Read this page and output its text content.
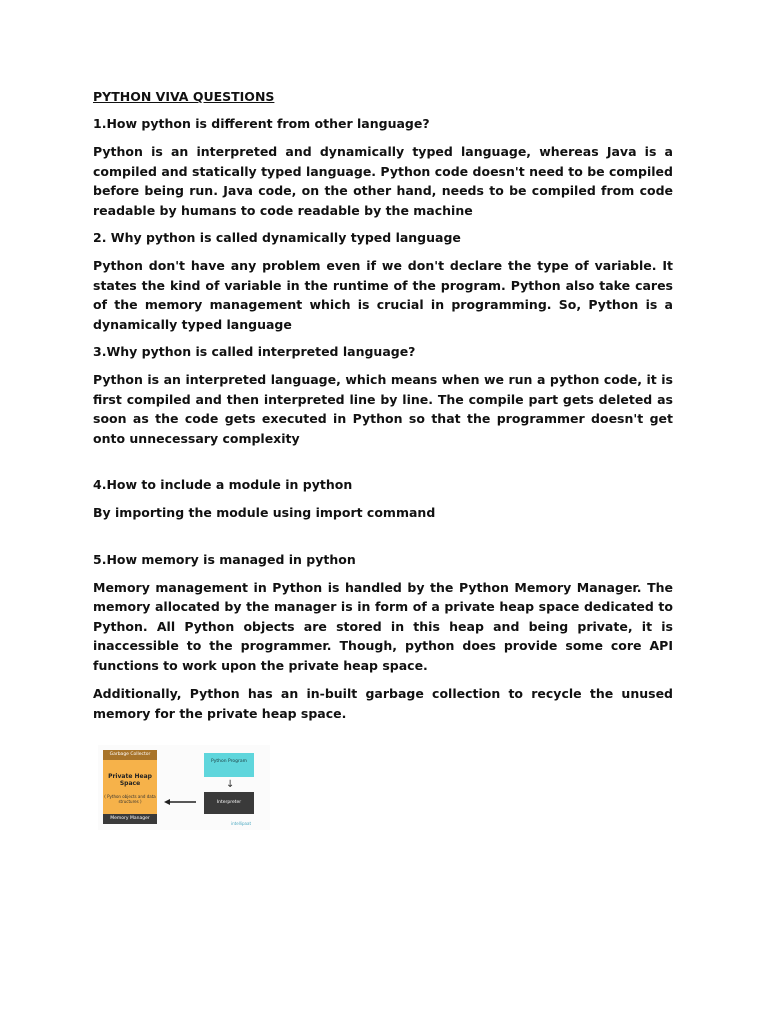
PYTHON VIVA QUESTIONS
1.How python is different from other language?
Python is an interpreted and dynamically typed language, whereas Java is a compiled and statically typed language. Python code doesn't need to be compiled before being run. Java code, on the other hand, needs to be compiled from code readable by humans to code readable by the machine
2. Why python is called dynamically typed language
Python don't have any problem even if we don't declare the type of variable. It states the kind of variable in the runtime of the program. Python also take cares of the memory management which is crucial in programming. So, Python is a dynamically typed language
3.Why python is called interpreted language?
Python is an interpreted language, which means when we run a python code, it is first compiled and then interpreted line by line. The compile part gets deleted as soon as the code gets executed in Python so that the programmer doesn't get onto unnecessary complexity
4.How to include a module in python
By importing the module using import command
5.How memory is managed in python
Memory management in Python is handled by the Python Memory Manager. The memory allocated by the manager is in form of a private heap space dedicated to Python. All Python objects are stored in this heap and being private, it is inaccessible to the programmer. Though, python does provide some core API functions to work upon the private heap space.
Additionally, Python has an in-built garbage collection to recycle the unused memory for the private heap space.
Garbage Collector
Private Heap Space
( Python objects and data structures )
Memory Manager
Python Program
↓
Interpreter
intellipaat
